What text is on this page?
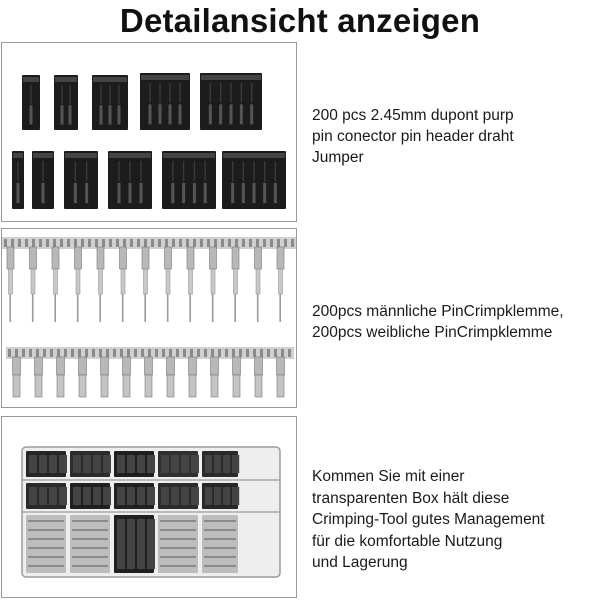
Detailansicht anzeigen
200 pcs 2.45mm dupont purp
pin conector pin header draht
Jumper
200pcs männliche PinCrimpklemme,
200pcs weibliche PinCrimpklemme
Kommen Sie mit einer
transparenten Box hält diese
Crimping-Tool gutes Management
für die komfortable Nutzung
und Lagerung
